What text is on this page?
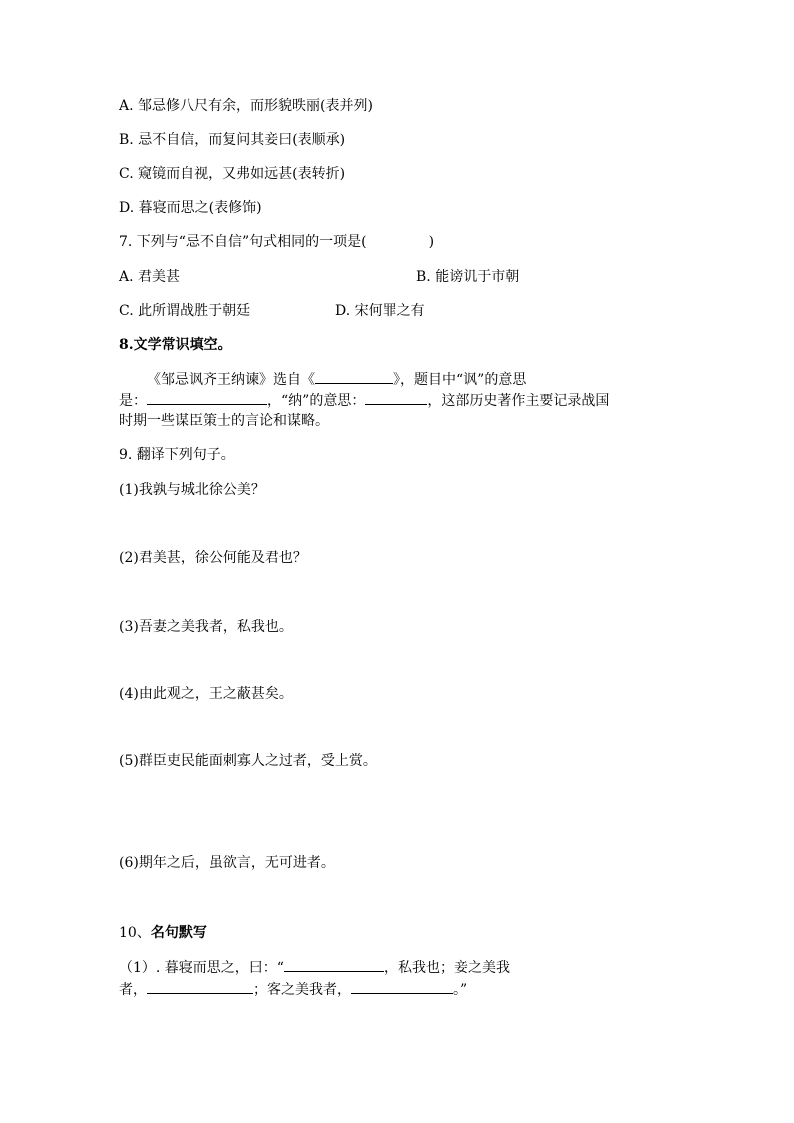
A. 邹忌修八尺有余，而形貌昳丽(表并列)
B. 忌不自信，而复问其妾曰(表顺承)
C. 窥镜而自视，又弗如远甚(表转折)
D. 暮寝而思之(表修饰)
7. 下列与“忌不自信”句式相同的一项是(	)
A. 君美甚	B. 能谤讥于市朝
C. 此所谓战胜于朝廷	D. 宋何罪之有
8.文学常识填空。
《邹忌讽齐王纳谏》选自《	》，题目中“讽”的意思
是：	，“纳”的意思：	，这部历史著作主要记录战国
时期一些谋臣策士的言论和谋略。
9. 翻译下列句子。
(1)我孰与城北徐公美？
(2)君美甚，徐公何能及君也？
(3)吾妻之美我者，私我也。
(4)由此观之，王之蔽甚矣。
(5)群臣吏民能面刺寡人之过者，受上赏。
(6)期年之后，虽欲言，无可进者。
10、名句默写
（1）. 暮寝而思之，曰：“	，私我也；妾之美我
者，	；客之美我者，	。”
